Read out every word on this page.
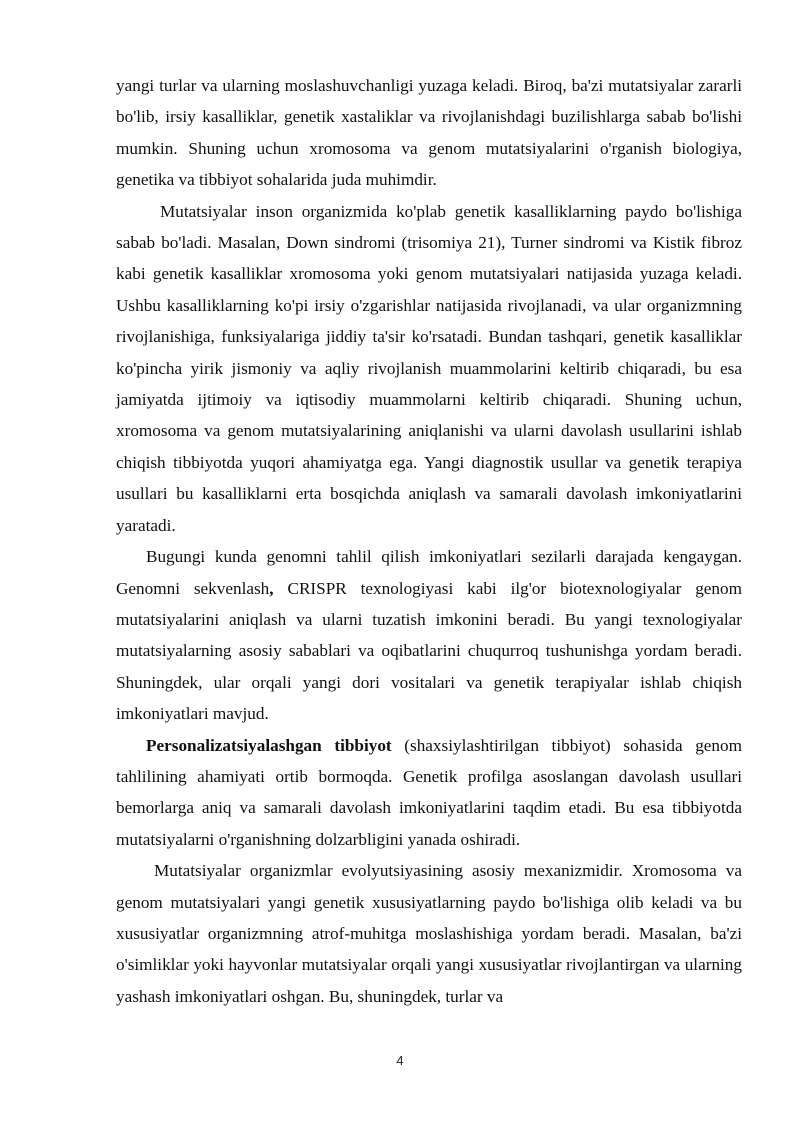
yangi turlar va ularning moslashuvchanligi yuzaga keladi. Biroq, ba'zi mutatsiyalar zararli bo'lib, irsiy kasalliklar, genetik xastaliklar va rivojlanishdagi buzilishlarga sabab bo'lishi mumkin. Shuning uchun xromosoma va genom mutatsiyalarini o'rganish biologiya, genetika va tibbiyot sohalarida juda muhimdir.

Mutatsiyalar inson organizmida ko'plab genetik kasalliklarning paydo bo'lishiga sabab bo'ladi. Masalan, Down sindromi (trisomiya 21), Turner sindromi va Kistik fibroz kabi genetik kasalliklar xromosoma yoki genom mutatsiyalari natijasida yuzaga keladi. Ushbu kasalliklarning ko'pi irsiy o'zgarishlar natijasida rivojlanadi, va ular organizmning rivojlanishiga, funksiyalariga jiddiy ta'sir ko'rsatadi. Bundan tashqari, genetik kasalliklar ko'pincha yirik jismoniy va aqliy rivojlanish muammolarini keltirib chiqaradi, bu esa jamiyatda ijtimoiy va iqtisodiy muammolarni keltirib chiqaradi. Shuning uchun, xromosoma va genom mutatsiyalarining aniqlanishi va ularni davolash usullarini ishlab chiqish tibbiyotda yuqori ahamiyatga ega. Yangi diagnostik usullar va genetik terapiya usullari bu kasalliklarni erta bosqichda aniqlash va samarali davolash imkoniyatlarini yaratadi.

Bugungi kunda genomni tahlil qilish imkoniyatlari sezilarli darajada kengaygan. Genomni sekvenlash, CRISPR texnologiyasi kabi ilg'or biotexnologiyalar genom mutatsiyalarini aniqlash va ularni tuzatish imkonini beradi. Bu yangi texnologiyalar mutatsiyalarning asosiy sabablari va oqibatlarini chuqurroq tushunishga yordam beradi. Shuningdek, ular orqali yangi dori vositalari va genetik terapiyalar ishlab chiqish imkoniyatlari mavjud.

Personalizatsiyalashgan tibbiyot (shaxsiylashtirilgan tibbiyot) sohasida genom tahlilining ahamiyati ortib bormoqda. Genetik profilga asoslangan davolash usullari bemorlarga aniq va samarali davolash imkoniyatlarini taqdim etadi. Bu esa tibbiyotda mutatsiyalarni o'rganishning dolzarbligini yanada oshiradi.

Mutatsiyalar organizmlar evolyutsiyasining asosiy mexanizmidir. Xromosoma va genom mutatsiyalari yangi genetik xususiyatlarning paydo bo'lishiga olib keladi va bu xususiyatlar organizmning atrof-muhitga moslashishiga yordam beradi. Masalan, ba'zi o'simliklar yoki hayvonlar mutatsiyalar orqali yangi xususiyatlar rivojlantirgan va ularning yashash imkoniyatlari oshgan. Bu, shuningdek, turlar va

4
